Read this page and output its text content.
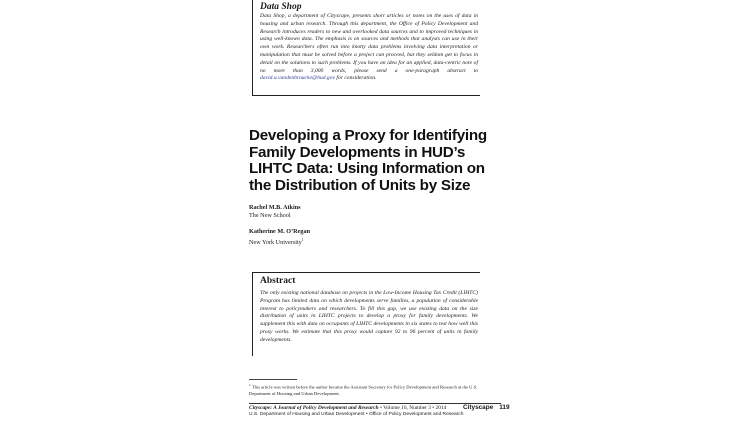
Data Shop
Data Shop, a department of Cityscape, presents short articles or notes on the uses of data in housing and urban research. Through this department, the Office of Policy Development and Research introduces readers to new and overlooked data sources and to improved techniques in using well-known data. The emphasis is on sources and methods that analysts can use in their own work. Researchers often run into knotty data problems involving data interpretation or manipulation that must be solved before a project can proceed, but they seldom get to focus in detail on the solutions to such problems. If you have an idea for an applied, data-centric note of no more than 3,000 words, please send a one-paragraph abstract to david.a.vandenbroucke@hud.gov for consideration.
Developing a Proxy for Identifying Family Developments in HUD’s LIHTC Data: Using Information on the Distribution of Units by Size
Rachel M.B. Atkins
The New School
Katherine M. O’Regan
New York University$^1$
Abstract
The only existing national database on projects in the Low-Income Housing Tax Credit (LIHTC) Program has limited data on which developments serve families, a population of considerable interest to policymakers and researchers. To fill this gap, we use existing data on the size distribution of units in LIHTC projects to develop a proxy for family developments. We supplement this with data on occupants of LIHTC developments in six states to test how well this proxy works. We estimate that this proxy would capture 92 to 96 percent of units in family developments.
$^1$ This article was written before the author became the Assistant Secretary for Policy Development and Research at the U.S. Department of Housing and Urban Development.
Cityscape: A Journal of Policy Development and Research • Volume 16, Number 3 • 2014	Cityscape 119
U.S. Department of Housing and Urban Development • Office of Policy Development and Research
